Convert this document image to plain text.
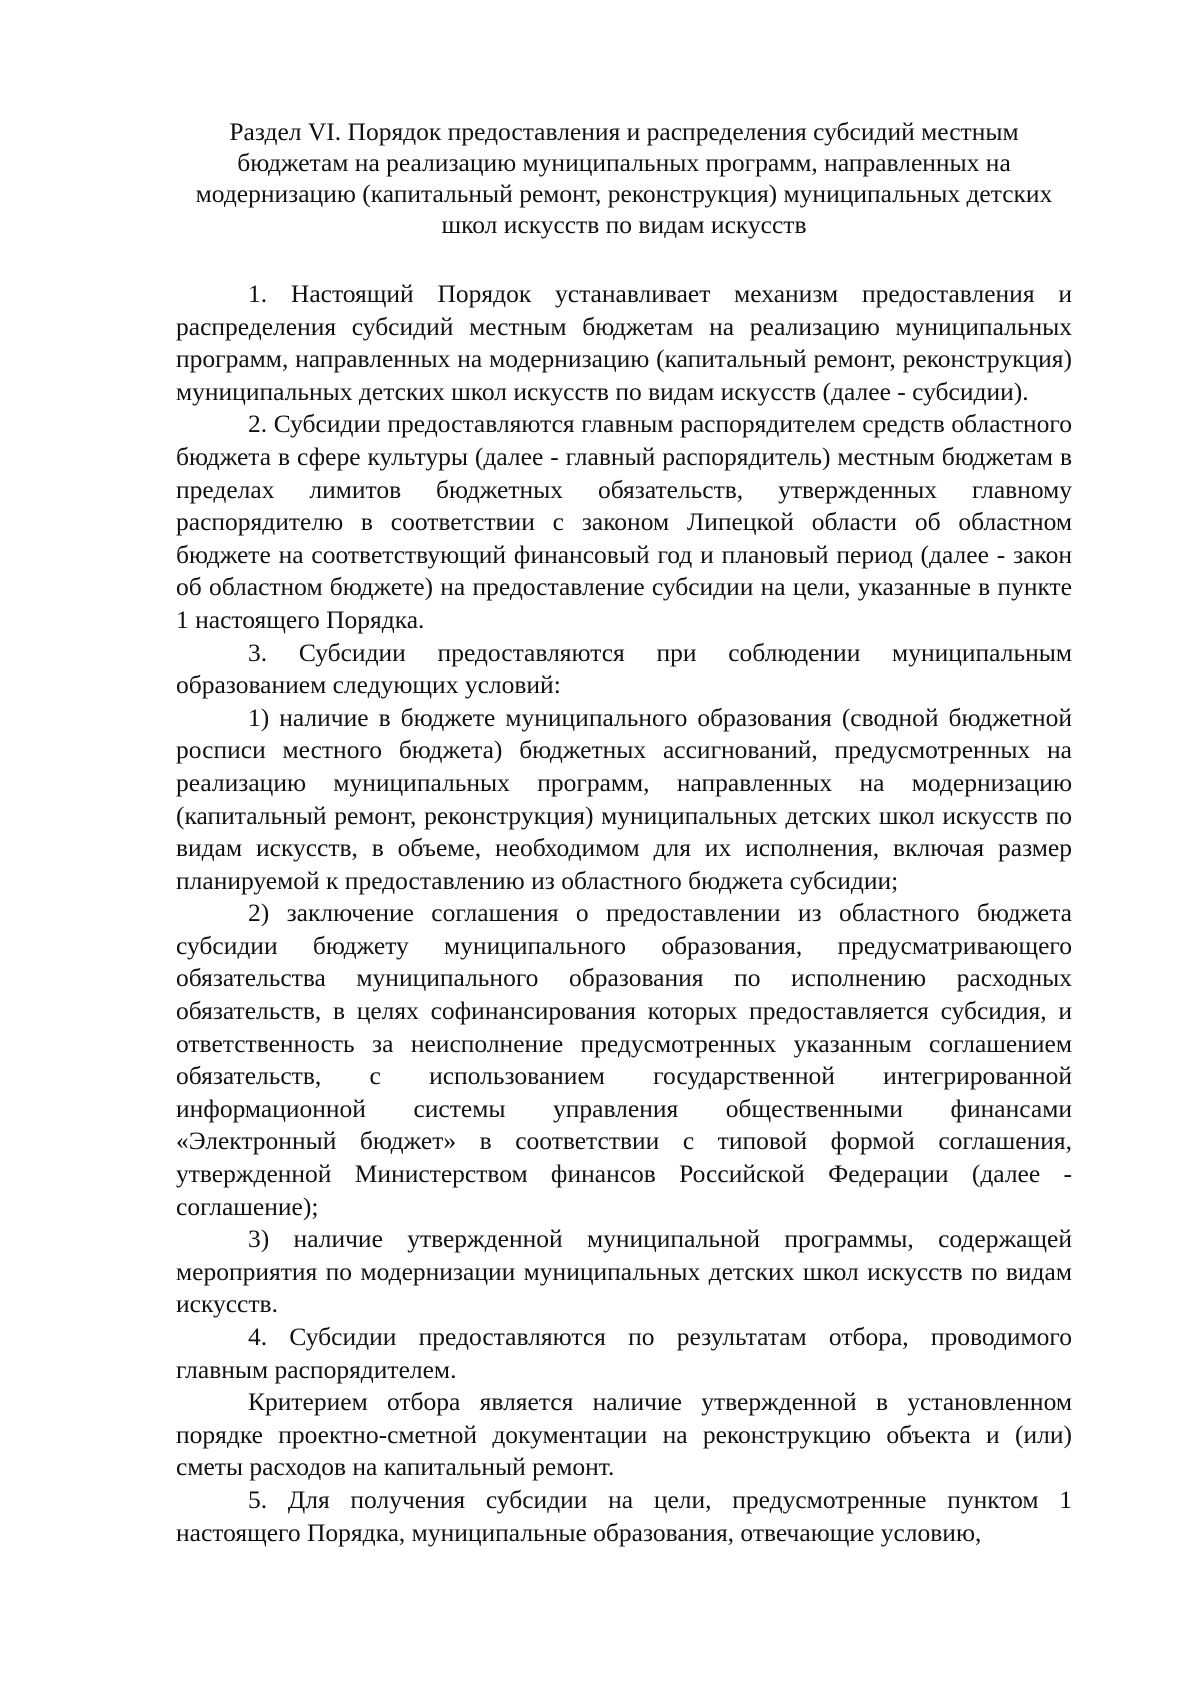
Раздел VI. Порядок предоставления и распределения субсидий местным бюджетам на реализацию муниципальных программ, направленных на модернизацию (капитальный ремонт, реконструкция) муниципальных детских школ искусств по видам искусств

1. Настоящий Порядок устанавливает механизм предоставления и распределения субсидий местным бюджетам на реализацию муниципальных программ, направленных на модернизацию (капитальный ремонт, реконструкция) муниципальных детских школ искусств по видам искусств (далее - субсидии).

2. Субсидии предоставляются главным распорядителем средств областного бюджета в сфере культуры (далее - главный распорядитель) местным бюджетам в пределах лимитов бюджетных обязательств, утвержденных главному распорядителю в соответствии с законом Липецкой области об областном бюджете на соответствующий финансовый год и плановый период (далее - закон об областном бюджете) на предоставление субсидии на цели, указанные в пункте 1 настоящего Порядка.

3. Субсидии предоставляются при соблюдении муниципальным образованием следующих условий:

1) наличие в бюджете муниципального образования (сводной бюджетной росписи местного бюджета) бюджетных ассигнований, предусмотренных на реализацию муниципальных программ, направленных на модернизацию (капитальный ремонт, реконструкция) муниципальных детских школ искусств по видам искусств, в объеме, необходимом для их исполнения, включая размер планируемой к предоставлению из областного бюджета субсидии;

2) заключение соглашения о предоставлении из областного бюджета субсидии бюджету муниципального образования, предусматривающего обязательства муниципального образования по исполнению расходных обязательств, в целях софинансирования которых предоставляется субсидия, и ответственность за неисполнение предусмотренных указанным соглашением обязательств, с использованием государственной интегрированной информационной системы управления общественными финансами «Электронный бюджет» в соответствии с типовой формой соглашения, утвержденной Министерством финансов Российской Федерации (далее - соглашение);

3) наличие утвержденной муниципальной программы, содержащей мероприятия по модернизации муниципальных детских школ искусств по видам искусств.

4. Субсидии предоставляются по результатам отбора, проводимого главным распорядителем.

Критерием отбора является наличие утвержденной в установленном порядке проектно-сметной документации на реконструкцию объекта и (или) сметы расходов на капитальный ремонт.

5. Для получения субсидии на цели, предусмотренные пунктом 1 настоящего Порядка, муниципальные образования, отвечающие условию,
